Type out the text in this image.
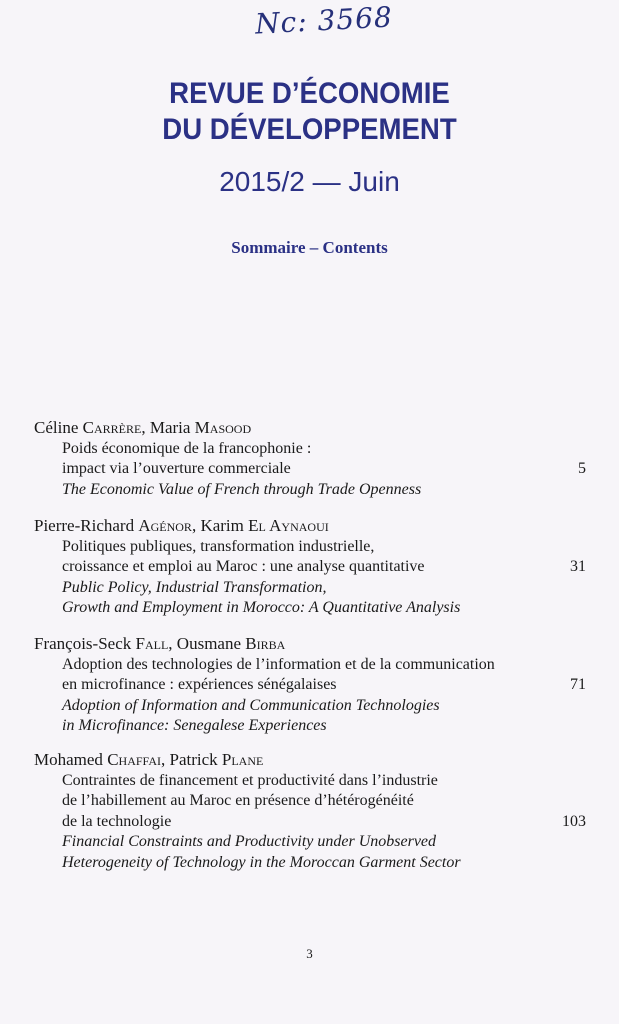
Nc: 3568
REVUE D’ÉCONOMIE
DU DÉVELOPPEMENT
2015/2 — Juin
Sommaire – Contents
Céline Carrère, Maria Masood
Poids économique de la francophonie :
impact via l’ouverture commerciale	5
The Economic Value of French through Trade Openness
Pierre-Richard Agénor, Karim El Aynaoui
Politiques publiques, transformation industrielle,
croissance et emploi au Maroc : une analyse quantitative	31
Public Policy, Industrial Transformation,
Growth and Employment in Morocco: A Quantitative Analysis
François-Seck Fall, Ousmane Birba
Adoption des technologies de l’information et de la communication
en microfinance : expériences sénégalaises	71
Adoption of Information and Communication Technologies
in Microfinance: Senegalese Experiences
Mohamed Chaffai, Patrick Plane
Contraintes de financement et productivité dans l’industrie
de l’habillement au Maroc en présence d’hétérogénéité
de la technologie	103
Financial Constraints and Productivity under Unobserved
Heterogeneity of Technology in the Moroccan Garment Sector
3
